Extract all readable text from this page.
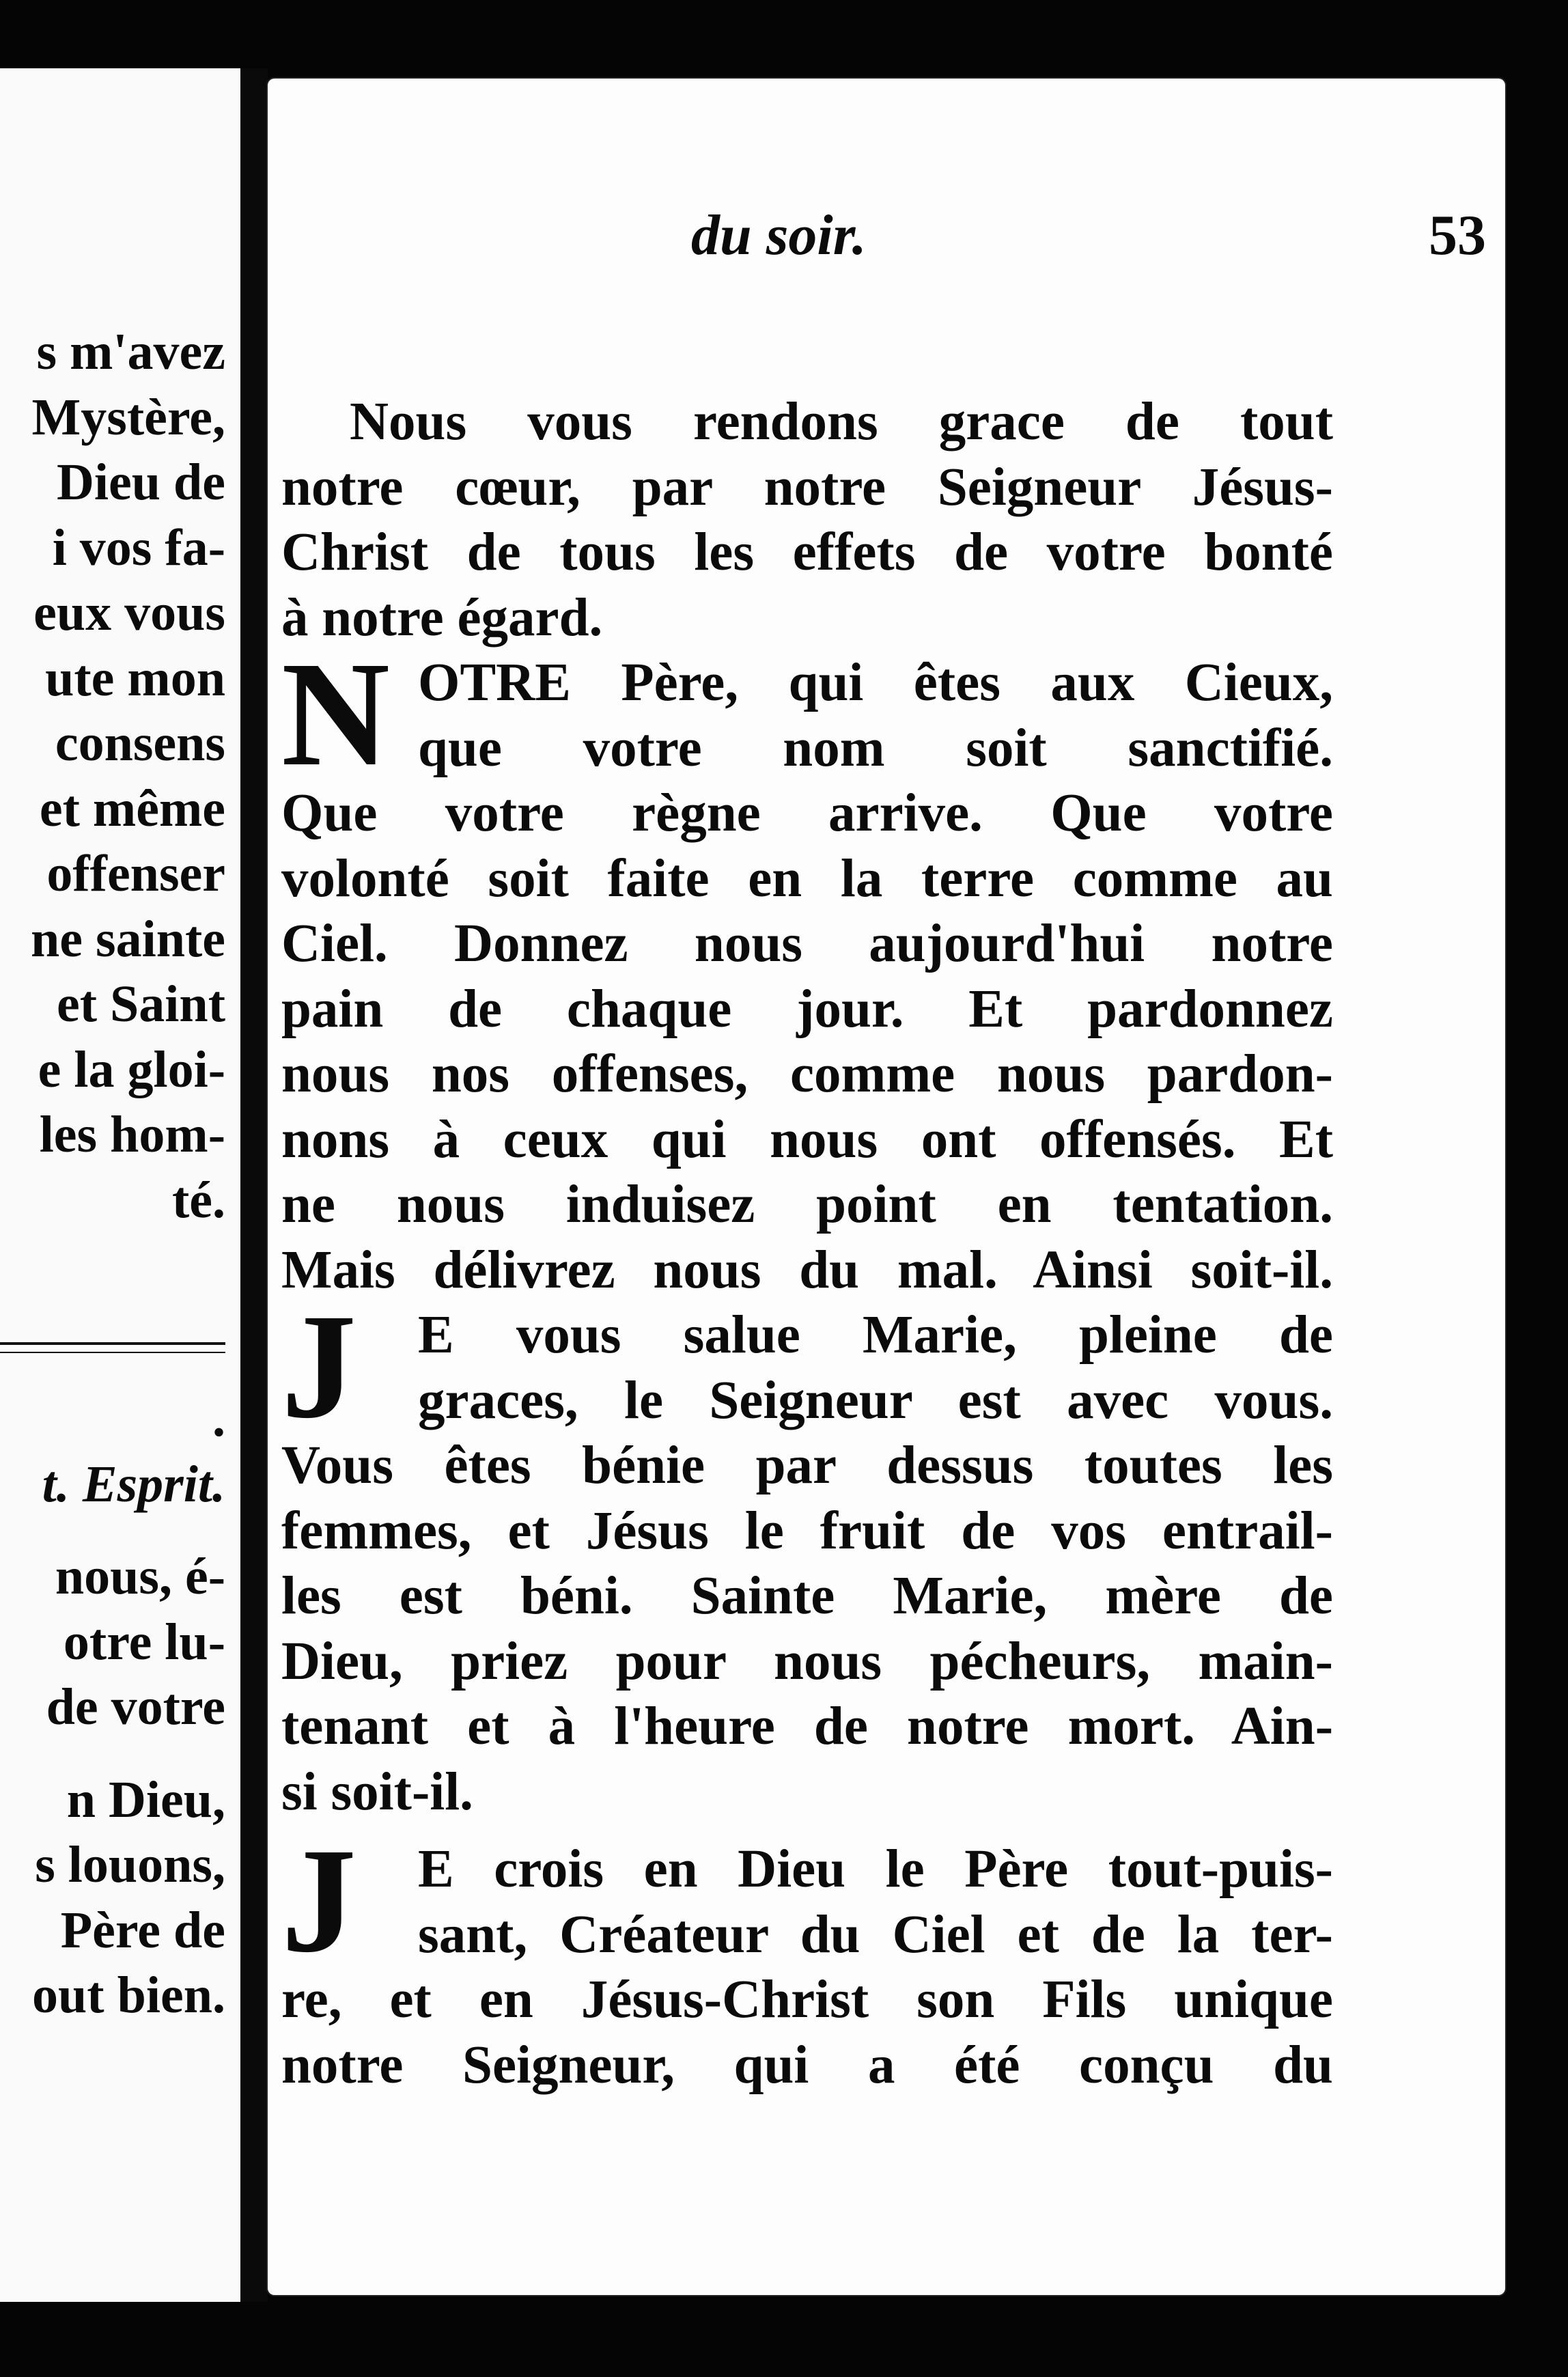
s m'avez
Mystère,
Dieu de
i vos fa-
eux vous
ute mon
consens
et même
offenser
ne sainte
et Saint
e la gloi-
les hom-
té.
.
t. Esprit.
nous, é-
otre lu-
de votre
n Dieu,
s louons,
Père de
out bien.
du soir.	53
Nous vous rendons grace de tout
notre cœur, par notre Seigneur Jésus-
Christ de tous les effets de votre bonté
à notre égard.
N OTRE Père, qui êtes aux Cieux,
que votre nom soit sanctifié.
Que votre règne arrive. Que votre
volonté soit faite en la terre comme au
Ciel. Donnez nous aujourd'hui notre
pain de chaque jour. Et pardonnez
nous nos offenses, comme nous pardon-
nons à ceux qui nous ont offensés. Et
ne nous induisez point en tentation.
Mais délivrez nous du mal. Ainsi soit-il.
J	E vous salue Marie, pleine de
graces, le Seigneur est avec vous.
Vous êtes bénie par dessus toutes les
femmes, et Jésus le fruit de vos entrail-
les est béni. Sainte Marie, mère de
Dieu, priez pour nous pécheurs, main-
tenant et à l'heure de notre mort. Ain-
si soit-il.
J	E crois en Dieu le Père tout-puis-
sant, Créateur du Ciel et de la ter-
re, et en Jésus-Christ son Fils unique
notre Seigneur, qui a été conçu du
